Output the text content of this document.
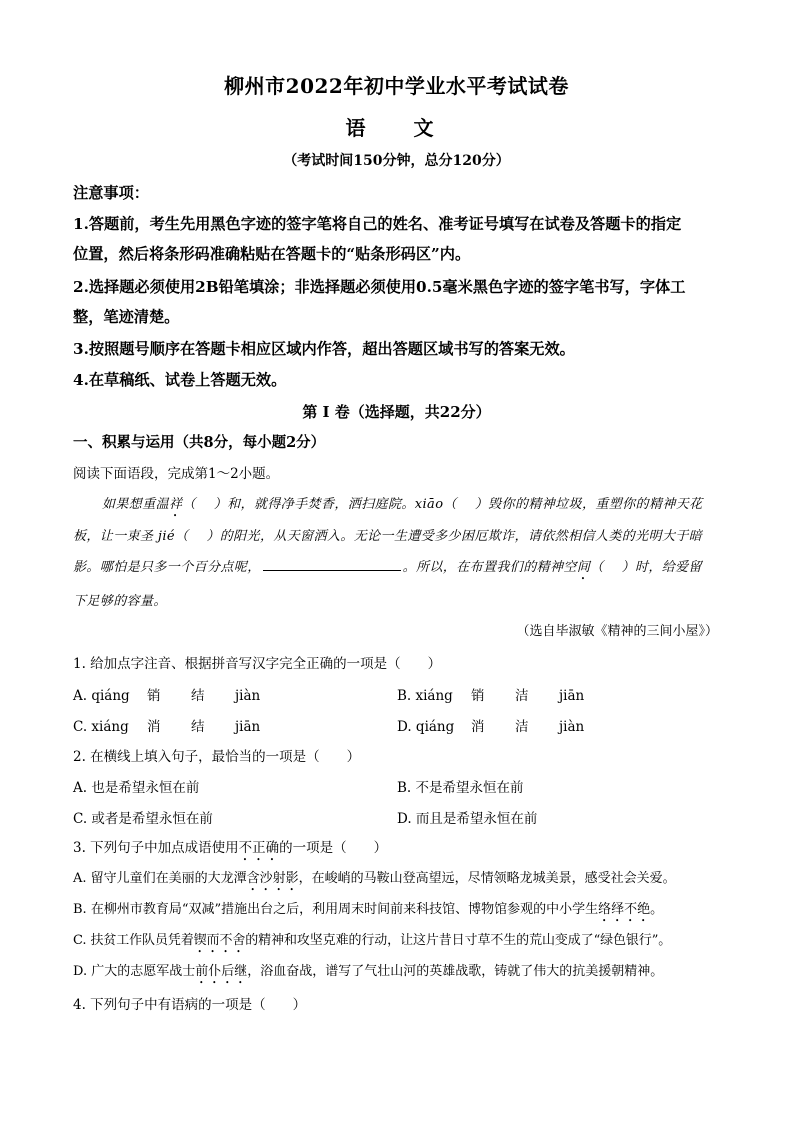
柳州市2022年初中学业水平考试试卷
语　文
（考试时间150分钟，总分120分）
注意事项：
1.答题前，考生先用黑色字迹的签字笔将自己的姓名、准考证号填写在试卷及答题卡的指定
位置，然后将条形码准确粘贴在答题卡的“贴条形码区”内。
2.选择题必须使用2B铅笔填涂；非选择题必须使用0.5毫米黑色字迹的签字笔书写，字体工
整，笔迹清楚。
3.按照题号顺序在答题卡相应区域内作答，超出答题区域书写的答案无效。
4.在草稿纸、试卷上答题无效。
第 Ⅰ 卷（选择题，共22分）
一、积累与运用（共8分，每小题2分）
阅读下面语段，完成第1～2小题。
如果想重温祥（　 ）和，就得净手焚香，洒扫庭院。xiāo（　 ）毁你的精神垃圾，重塑你的精神天花
板，让一束圣 jié（　 ）的阳光，从天窗洒入。无论一生遭受多少困厄欺诈，请依然相信人类的光明大于暗
影。哪怕是只多一个百分点呢，	。所以，在布置我们的精神空间（　 ）时，给爱留
下足够的容量。
（选自毕淑敏《精神的三间小屋》）
1. 给加点字注音、根据拼音写汉字完全正确的一项是（　　）
A. qiáng 销 结 jiàn	B. xiáng 销 洁 jiān
C. xiáng 消 结 jiān	D. qiáng 消 洁 jiàn
2. 在横线上填入句子，最恰当的一项是（　　）
A. 也是希望永恒在前	B. 不是希望永恒在前
C. 或者是希望永恒在前	D. 而且是希望永恒在前
3. 下列句子中加点成语使用不正确的一项是（　　）
A. 留守儿童们在美丽的大龙潭含沙射影，在峻峭的马鞍山登高望远，尽情领略龙城美景，感受社会关爱。
B. 在柳州市教育局“双减”措施出台之后，利用周末时间前来科技馆、博物馆参观的中小学生络绎不绝。
C. 扶贫工作队员凭着锲而不舍的精神和攻坚克难的行动，让这片昔日寸草不生的荒山变成了“绿色银行”。
D. 广大的志愿军战士前仆后继，浴血奋战，谱写了气壮山河的英雄战歌，铸就了伟大的抗美援朝精神。
4. 下列句子中有语病的一项是（　　）
